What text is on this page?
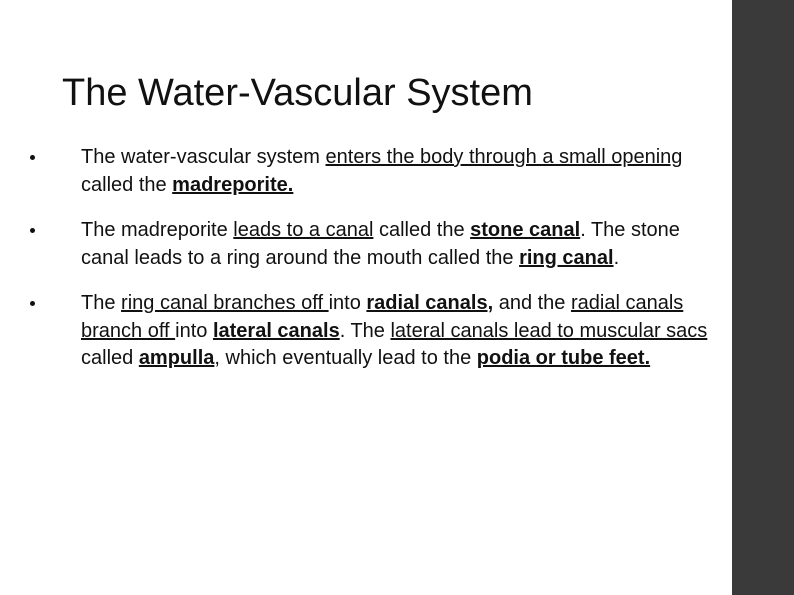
The Water-Vascular System
The water-vascular system enters the body through a small opening called the madreporite.
The madreporite leads to a canal called the stone canal. The stone canal leads to a ring around the mouth called the ring canal.
The ring canal branches off into radial canals, and the radial canals branch off into lateral canals. The lateral canals lead to muscular sacs called ampulla, which eventually lead to the podia or tube feet.
